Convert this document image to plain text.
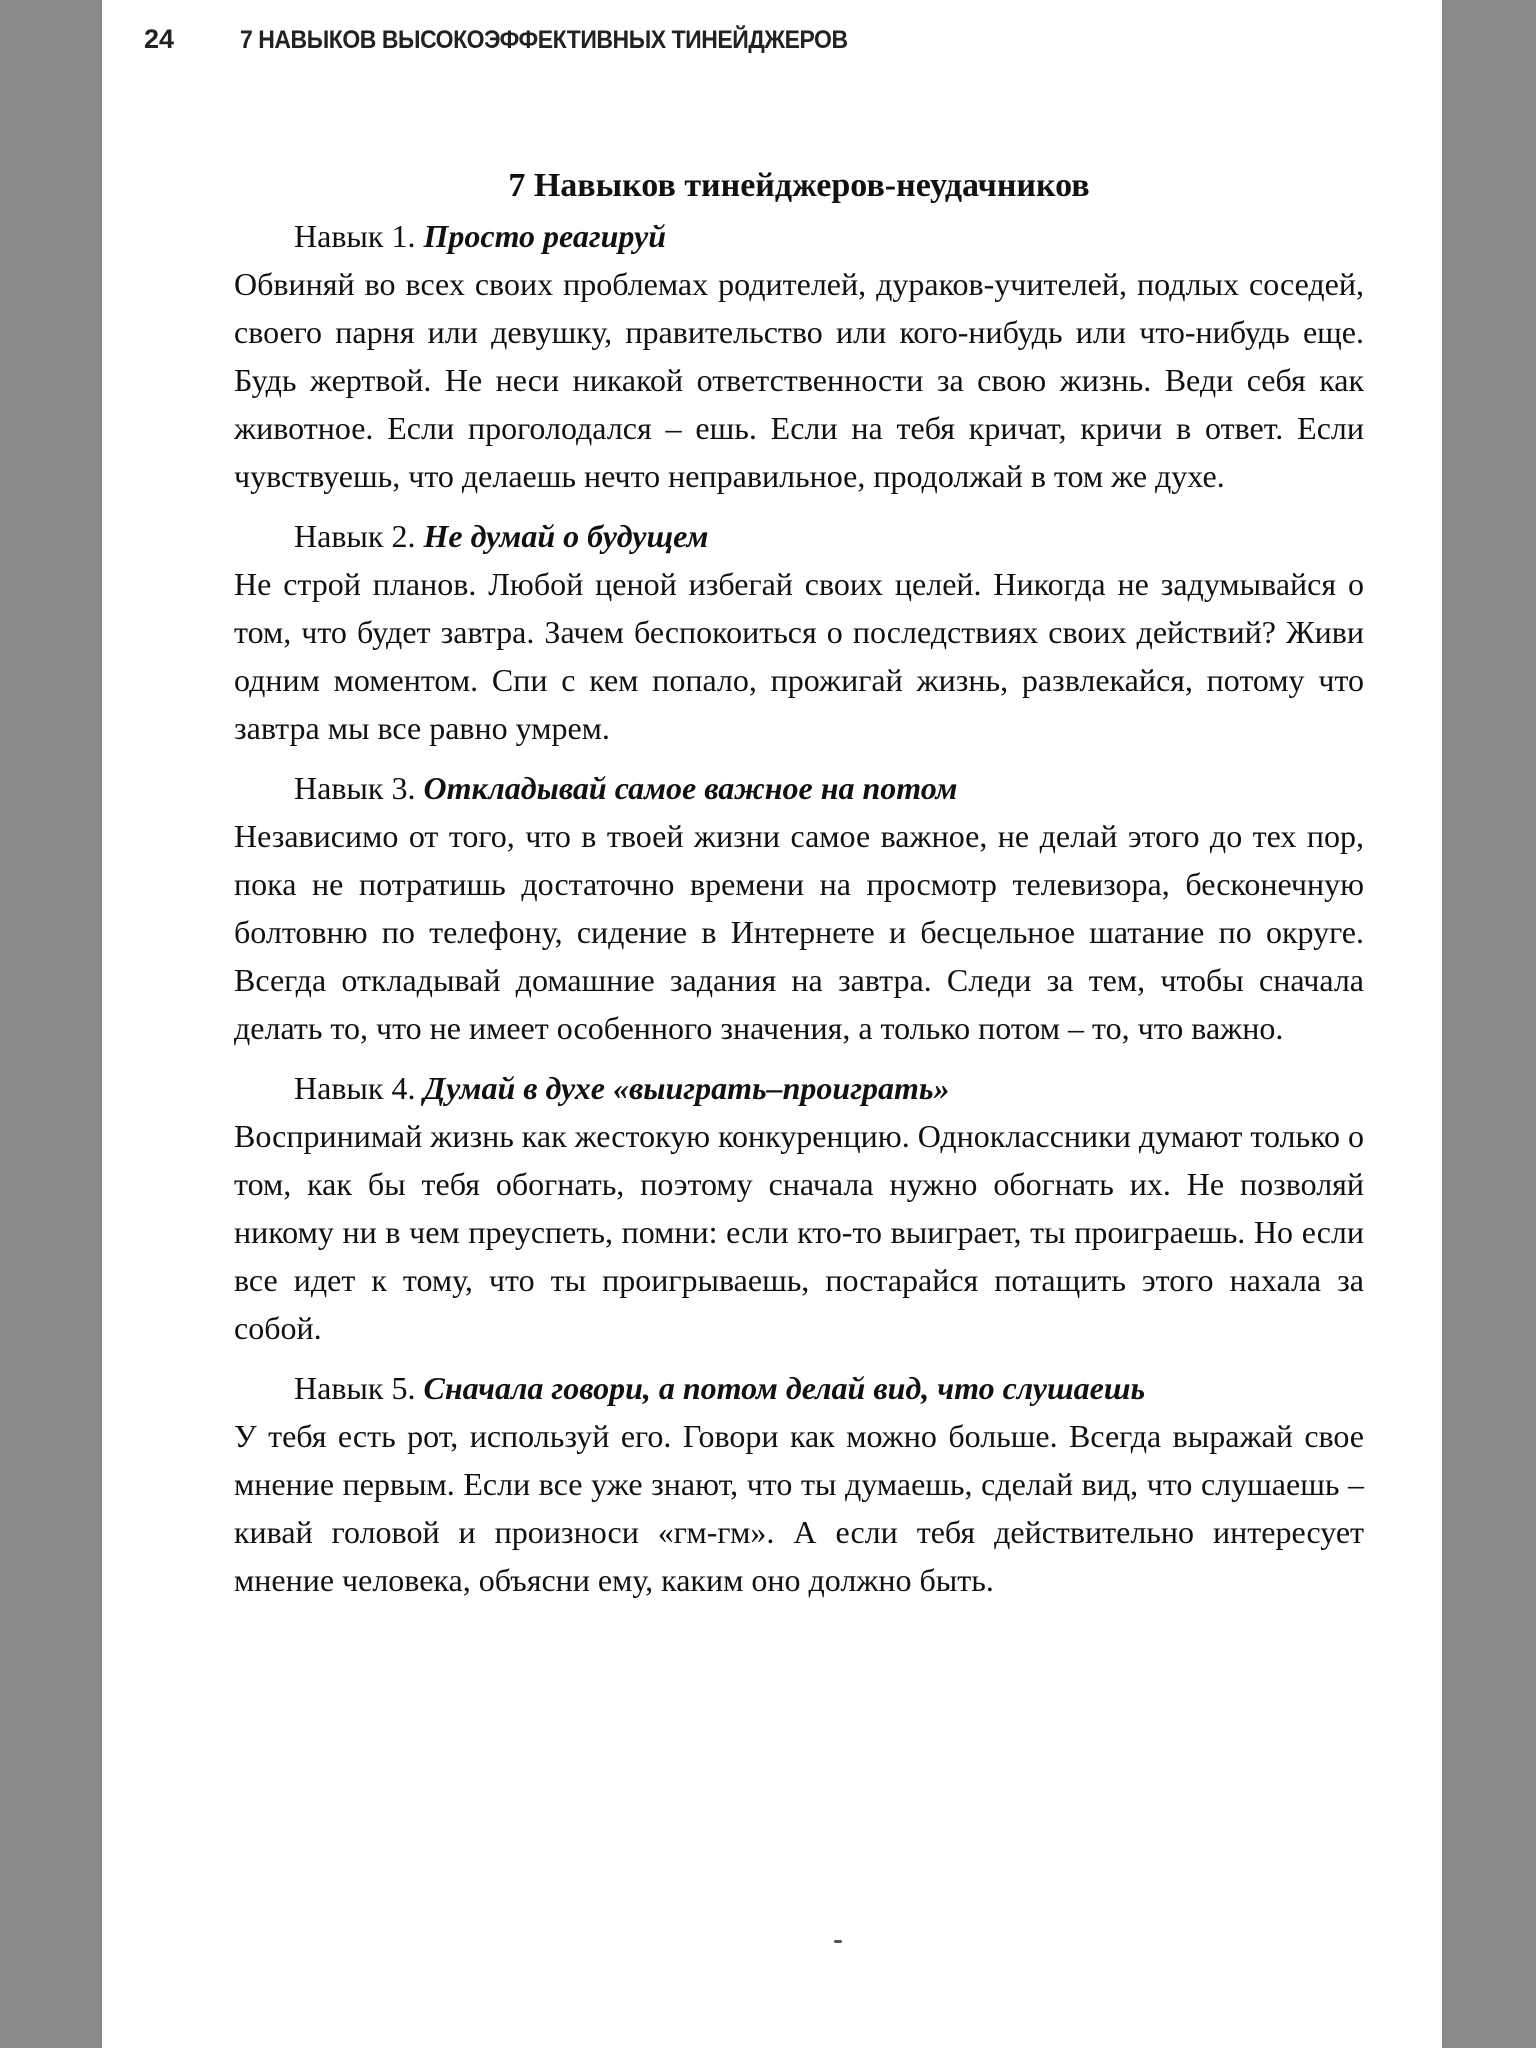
24	7 НАВЫКОВ ВЫСОКОЭФФЕКТИВНЫХ ТИНЕЙДЖЕРОВ
7 Навыков тинейджеров-неудачников

Навык 1. Просто реагируй

Обвиняй во всех своих проблемах родителей, дураков-учителей, подлых соседей, своего парня или девушку, правительство или кого-нибудь или что-нибудь еще. Будь жертвой. Не неси никакой ответственности за свою жизнь. Веди себя как животное. Если проголодался – ешь. Если на тебя кричат, кричи в ответ. Если чувствуешь, что делаешь нечто неправильное, продолжай в том же духе.

Навык 2. Не думай о будущем

Не строй планов. Любой ценой избегай своих целей. Никогда не задумывайся о том, что будет завтра. Зачем беспокоиться о последствиях своих действий? Живи одним моментом. Спи с кем попало, прожигай жизнь, развлекайся, потому что завтра мы все равно умрем.

Навык 3. Откладывай самое важное на потом

Независимо от того, что в твоей жизни самое важное, не делай этого до тех пор, пока не потратишь достаточно времени на просмотр телевизора, бесконечную болтовню по телефону, сидение в Интернете и бесцельное шатание по округе. Всегда откладывай домашние задания на завтра. Следи за тем, чтобы сначала делать то, что не имеет особенного значения, а только потом – то, что важно.

Навык 4. Думай в духе «выиграть–проиграть»

Воспринимай жизнь как жестокую конкуренцию. Одноклассники думают только о том, как бы тебя обогнать, поэтому сначала нужно обогнать их. Не позволяй никому ни в чем преуспеть, помни: если кто-то выиграет, ты проиграешь. Но если все идет к тому, что ты проигрываешь, постарайся потащить этого нахала за собой.

Навык 5. Сначала говори, а потом делай вид, что слушаешь

У тебя есть рот, используй его. Говори как можно больше. Всегда выражай свое мнение первым. Если все уже знают, что ты думаешь, сделай вид, что слушаешь – кивай головой и произноси «гм-гм». А если тебя действительно интересует мнение человека, объясни ему, каким оно должно быть.
